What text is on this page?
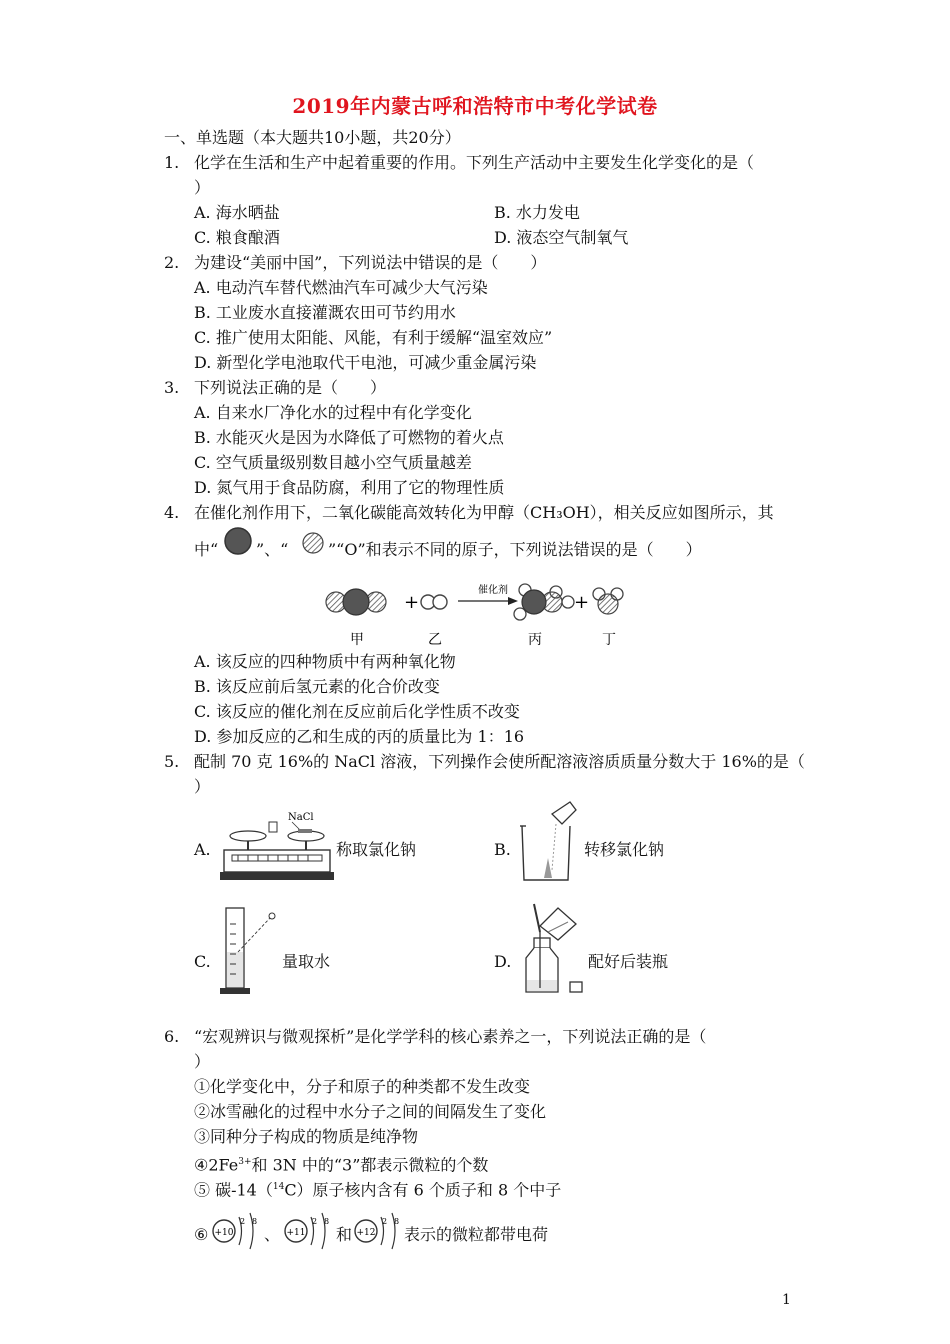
2019年内蒙古呼和浩特市中考化学试卷
一、单选题（本大题共10小题，共20分）
1. 化学在生活和生产中起着重要的作用。下列生产活动中主要发生化学变化的是（
）
A. 海水晒盐	B. 水力发电
C. 粮食酿酒	D. 液态空气制氧气
2. 为建设“美丽中国”，下列说法中错误的是（　　）
A. 电动汽车替代燃油汽车可减少大气污染
B. 工业废水直接灌溉农田可节约用水
C. 推广使用太阳能、风能，有利于缓解“温室效应”
D. 新型化学电池取代干电池，可减少重金属污染
3. 下列说法正确的是（　　）
A. 自来水厂净化水的过程中有化学变化
B. 水能灭火是因为水降低了可燃物的着火点
C. 空气质量级别数目越小空气质量越差
D. 氮气用于食品防腐，利用了它的物理性质
4. 在催化剂作用下，二氧化碳能高效转化为甲醇（CH₃OH），相关反应如图所示，其
中“ ”、“ ”“O”和表示不同的原子，下列说法错误的是（　　）
+
催化剂
+
甲	乙	丙	丁
A. 该反应的四种物质中有两种氧化物
B. 该反应前后氢元素的化合价改变
C. 该反应的催化剂在反应前后化学性质不改变
D. 参加反应的乙和生成的丙的质量比为 1：16
5. 配制 70 克 16%的 NaCl 溶液，下列操作会使所配溶液溶质质量分数大于 16%的是（
）
A.
NaCl
称取氯化钠	B.	转移氯化钠
C.	量取水	D.	配好后装瓶
6. “宏观辨识与微观探析”是化学学科的核心素养之一，下列说法正确的是（
）
①化学变化中，分子和原子的种类都不发生改变
②冰雪融化的过程中水分子之间的间隔发生了变化
③同种分子构成的物质是纯净物
$④2Fe^{3+}$和 3N 中的“3”都表示微粒的个数
⑤ 碳-14（$^{14}$C）原子核内含有 6 个质子和 8 个中子
⑥ +10
2 8
、 +11
2 8
和 +12
2 8
表示的微粒都带电荷
1
